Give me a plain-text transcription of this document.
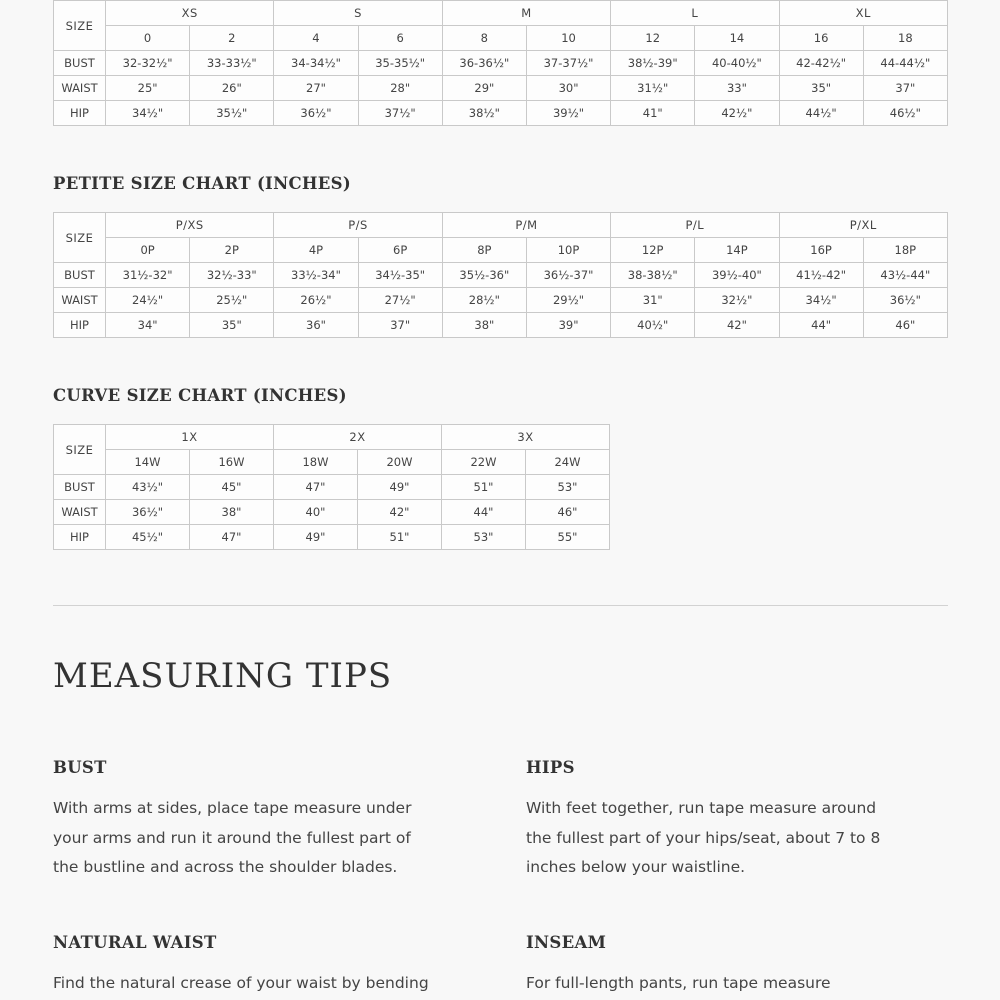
SIZE	XS		S		M		L		XL	
	0	2	4	6	8	10	12	14	16	18
BUST	32-32½"	33-33½"	34-34½"	35-35½"	36-36½"	37-37½"	38½-39"	40-40½"	42-42½"	44-44½"
WAIST	25"	26"	27"	28"	29"	30"	31½"	33"	35"	37"
HIP	34½"	35½"	36½"	37½"	38½"	39½"	41"	42½"	44½"	46½"
PETITE SIZE CHART (INCHES)
SIZE	P/XS		P/S		P/M		P/L		P/XL	
	0P	2P	4P	6P	8P	10P	12P	14P	16P	18P
BUST	31½-32"	32½-33"	33½-34"	34½-35"	35½-36"	36½-37"	38-38½"	39½-40"	41½-42"	43½-44"
WAIST	24½"	25½"	26½"	27½"	28½"	29½"	31"	32½"	34½"	36½"
HIP	34"	35"	36"	37"	38"	39"	40½"	42"	44"	46"
CURVE SIZE CHART (INCHES)
SIZE	1X		2X		3X	
	14W	16W	18W	20W	22W	24W
BUST	43½"	45"	47"	49"	51"	53"
WAIST	36½"	38"	40"	42"	44"	46"
HIP	45½"	47"	49"	51"	53"	55"
MEASURING TIPS
BUST

With arms at sides, place tape measure under
your arms and run it around the fullest part of
the bustline and across the shoulder blades.

HIPS

With feet together, run tape measure around
the fullest part of your hips/seat, about 7 to 8
inches below your waistline.

NATURAL WAIST

Find the natural crease of your waist by bending

INSEAM

For full-length pants, run tape measure
